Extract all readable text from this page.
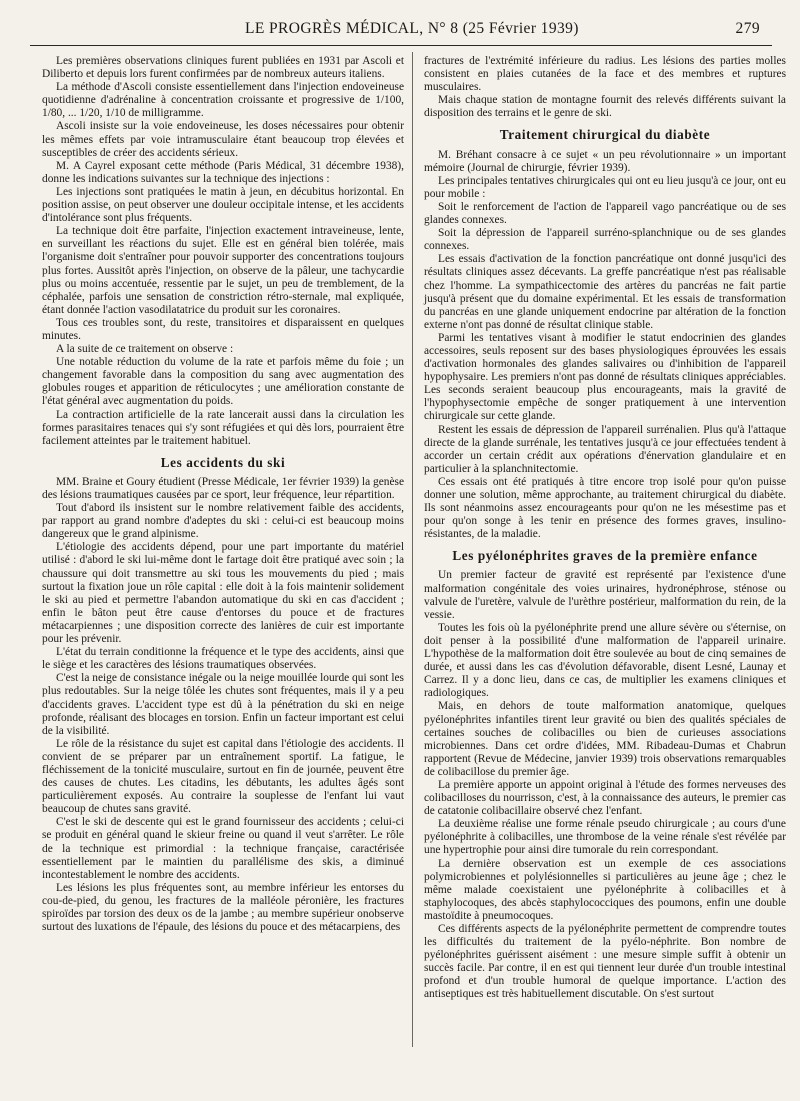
LE PROGRÈS MÉDICAL, N° 8 (25 Février 1939)	279

Les premières observations cliniques furent publiées en 1931 par Ascoli et Diliberto et depuis lors furent confirmées par de nombreux auteurs italiens.

La méthode d'Ascoli consiste essentiellement dans l'injection endoveineuse quotidienne d'adrénaline à concentration croissante et progressive de 1/100, 1/80, ... 1/20, 1/10 de milligramme.

Ascoli insiste sur la voie endoveineuse, les doses nécessaires pour obtenir les mêmes effets par voie intramusculaire étant beaucoup trop élevées et susceptibles de créer des accidents sérieux.

M. A Cayrel exposant cette méthode (Paris Médical, 31 décembre 1938), donne les indications suivantes sur la technique des injections :

Les injections sont pratiquées le matin à jeun, en décubitus horizontal. En position assise, on peut observer une douleur occipitale intense, et les accidents d'intolérance sont plus fréquents.

La technique doit être parfaite, l'injection exactement intraveineuse, lente, en surveillant les réactions du sujet. Elle est en général bien tolérée, mais l'organisme doit s'entraîner pour pouvoir supporter des concentrations toujours plus fortes. Aussitôt après l'injection, on observe de la pâleur, une tachycardie plus ou moins accentuée, ressentie par le sujet, un peu de tremblement, de la céphalée, parfois une sensation de constriction rétro-sternale, mal expliquée, étant donnée l'action vasodilatatrice du produit sur les coronaires.

Tous ces troubles sont, du reste, transitoires et disparaissent en quelques minutes.

A la suite de ce traitement on observe :

Une notable réduction du volume de la rate et parfois même du foie ; un changement favorable dans la composition du sang avec augmentation des globules rouges et apparition de réticulocytes ; une amélioration constante de l'état général avec augmentation du poids.

La contraction artificielle de la rate lancerait aussi dans la circulation les formes parasitaires tenaces qui s'y sont réfugiées et qui dès lors, pourraient être facilement atteintes par le traitement habituel.

Les accidents du ski

MM. Braine et Goury étudient (Presse Médicale, 1er février 1939) la genèse des lésions traumatiques causées par ce sport, leur fréquence, leur répartition.

Tout d'abord ils insistent sur le nombre relativement faible des accidents, par rapport au grand nombre d'adeptes du ski : celui-ci est beaucoup moins dangereux que le grand alpinisme.

L'étiologie des accidents dépend, pour une part importante du matériel utilisé : d'abord le ski lui-même dont le fartage doit être pratiqué avec soin ; la chaussure qui doit transmettre au ski tous les mouvements du pied ; mais surtout la fixation joue un rôle capital : elle doit à la fois maintenir solidement le ski au pied et permettre l'abandon automatique du ski en cas d'accident ; enfin le bâton peut être cause d'entorses du pouce et de fractures métacarpiennes ; une disposition correcte des lanières de cuir est importante pour les prévenir.

L'état du terrain conditionne la fréquence et le type des accidents, ainsi que le siège et les caractères des lésions traumatiques observées.

C'est la neige de consistance inégale ou la neige mouillée lourde qui sont les plus redoutables. Sur la neige tôlée les chutes sont fréquentes, mais il y a peu d'accidents graves. L'accident type est dû à la pénétration du ski en neige profonde, réalisant des blocages en torsion. Enfin un facteur important est celui de la visibilité.

Le rôle de la résistance du sujet est capital dans l'étiologie des accidents. Il convient de se préparer par un entraînement sportif. La fatigue, le fléchissement de la tonicité musculaire, surtout en fin de journée, peuvent être des causes de chutes. Les citadins, les débutants, les adultes âgés sont particulièrement exposés. Au contraire la souplesse de l'enfant lui vaut beaucoup de chutes sans gravité.

C'est le ski de descente qui est le grand fournisseur des accidents ; celui-ci se produit en général quand le skieur freine ou quand il veut s'arrêter. Le rôle de la technique est primordial : la technique française, caractérisée essentiellement par le maintien du parallélisme des skis, a diminué incontestablement le nombre des accidents.

Les lésions les plus fréquentes sont, au membre inférieur les entorses du cou-de-pied, du genou, les fractures de la malléole péronière, les fractures spiroïdes par torsion des deux os de la jambe ; au membre supérieur onobserve surtout des luxations de l'épaule, des lésions du pouce et des métacarpiens, des

fractures de l'extrémité inférieure du radius. Les lésions des parties molles consistent en plaies cutanées de la face et des membres et ruptures musculaires.

Mais chaque station de montagne fournit des relevés différents suivant la disposition des terrains et le genre de ski.

Traitement chirurgical du diabète

M. Bréhant consacre à ce sujet « un peu révolutionnaire » un important mémoire (Journal de chirurgie, février 1939).

Les principales tentatives chirurgicales qui ont eu lieu jusqu'à ce jour, ont eu pour mobile :

Soit le renforcement de l'action de l'appareil vago pancréatique ou de ses glandes connexes.

Soit la dépression de l'appareil surréno-splanchnique ou de ses glandes connexes.

Les essais d'activation de la fonction pancréatique ont donné jusqu'ici des résultats cliniques assez décevants. La greffe pancréatique n'est pas réalisable chez l'homme. La sympathicectomie des artères du pancréas ne fait partie jusqu'à présent que du domaine expérimental. Et les essais de transformation du pancréas en une glande uniquement endocrine par altération de la fonction externe n'ont pas donné de résultat clinique stable.

Parmi les tentatives visant à modifier le statut endocrinien des glandes accessoires, seuls reposent sur des bases physiologiques éprouvées les essais d'activation hormonales des glandes salivaires ou d'inhibition de l'appareil hypophysaire. Les premiers n'ont pas donné de résultats cliniques appréciables. Les seconds seraient beaucoup plus encourageants, mais la gravité de l'hypophysectomie empêche de songer pratiquement à une intervention chirurgicale sur cette glande.

Restent les essais de dépression de l'appareil surrénalien. Plus qu'à l'attaque directe de la glande surrénale, les tentatives jusqu'à ce jour effectuées tendent à accorder un certain crédit aux opérations d'énervation glandulaire et en particulier à la splanchnitectomie.

Ces essais ont été pratiqués à titre encore trop isolé pour qu'on puisse donner une solution, même approchante, au traitement chirurgical du diabète. Ils sont néanmoins assez encourageants pour qu'on ne les mésestime pas et pour qu'on songe à les tenir en présence des formes graves, insulino-résistantes, de la maladie.

Les pyélonéphrites graves de la première enfance

Un premier facteur de gravité est représenté par l'existence d'une malformation congénitale des voies urinaires, hydronéphrose, sténose ou valvule de l'uretère, valvule de l'urèthre postérieur, malformation du rein, de la vessie.

Toutes les fois où la pyélonéphrite prend une allure sévère ou s'éternise, on doit penser à la possibilité d'une malformation de l'appareil urinaire. L'hypothèse de la malformation doit être soulevée au bout de cinq semaines de durée, et aussi dans les cas d'évolution défavorable, disent Lesné, Launay et Carrez. Il y a donc lieu, dans ce cas, de multiplier les examens cliniques et radiologiques.

Mais, en dehors de toute malformation anatomique, quelques pyélonéphrites infantiles tirent leur gravité ou bien des qualités spéciales de certaines souches de colibacilles ou bien de curieuses associations microbiennes. Dans cet ordre d'idées, MM. Ribadeau-Dumas et Chabrun rapportent (Revue de Médecine, janvier 1939) trois observations remarquables de colibacillose du premier âge.

La première apporte un appoint original à l'étude des formes nerveuses des colibacilloses du nourrisson, c'est, à la connaissance des auteurs, le premier cas de catatonie colibacillaire observé chez l'enfant.

La deuxième réalise une forme rénale pseudo chirurgicale ; au cours d'une pyélonéphrite à colibacilles, une thrombose de la veine rénale s'est révélée par une hypertrophie pour ainsi dire tumorale du rein correspondant.

La dernière observation est un exemple de ces associations polymicrobiennes et polylésionnelles si particulières au jeune âge ; chez le même malade coexistaient une pyélonéphrite à colibacilles et à staphylocoques, des abcès staphylococciques des poumons, enfin une double mastoïdite à pneumocoques.

Ces différents aspects de la pyélonéphrite permettent de comprendre toutes les difficultés du traitement de la pyélo-néphrite. Bon nombre de pyélonéphrites guérissent aisément : une mesure simple suffit à obtenir un succès facile. Par contre, il en est qui tiennent leur durée d'un trouble intestinal profond et d'un trouble humoral de quelque importance. L'action des antiseptiques est très habituellement discutable. On s'est surtout
